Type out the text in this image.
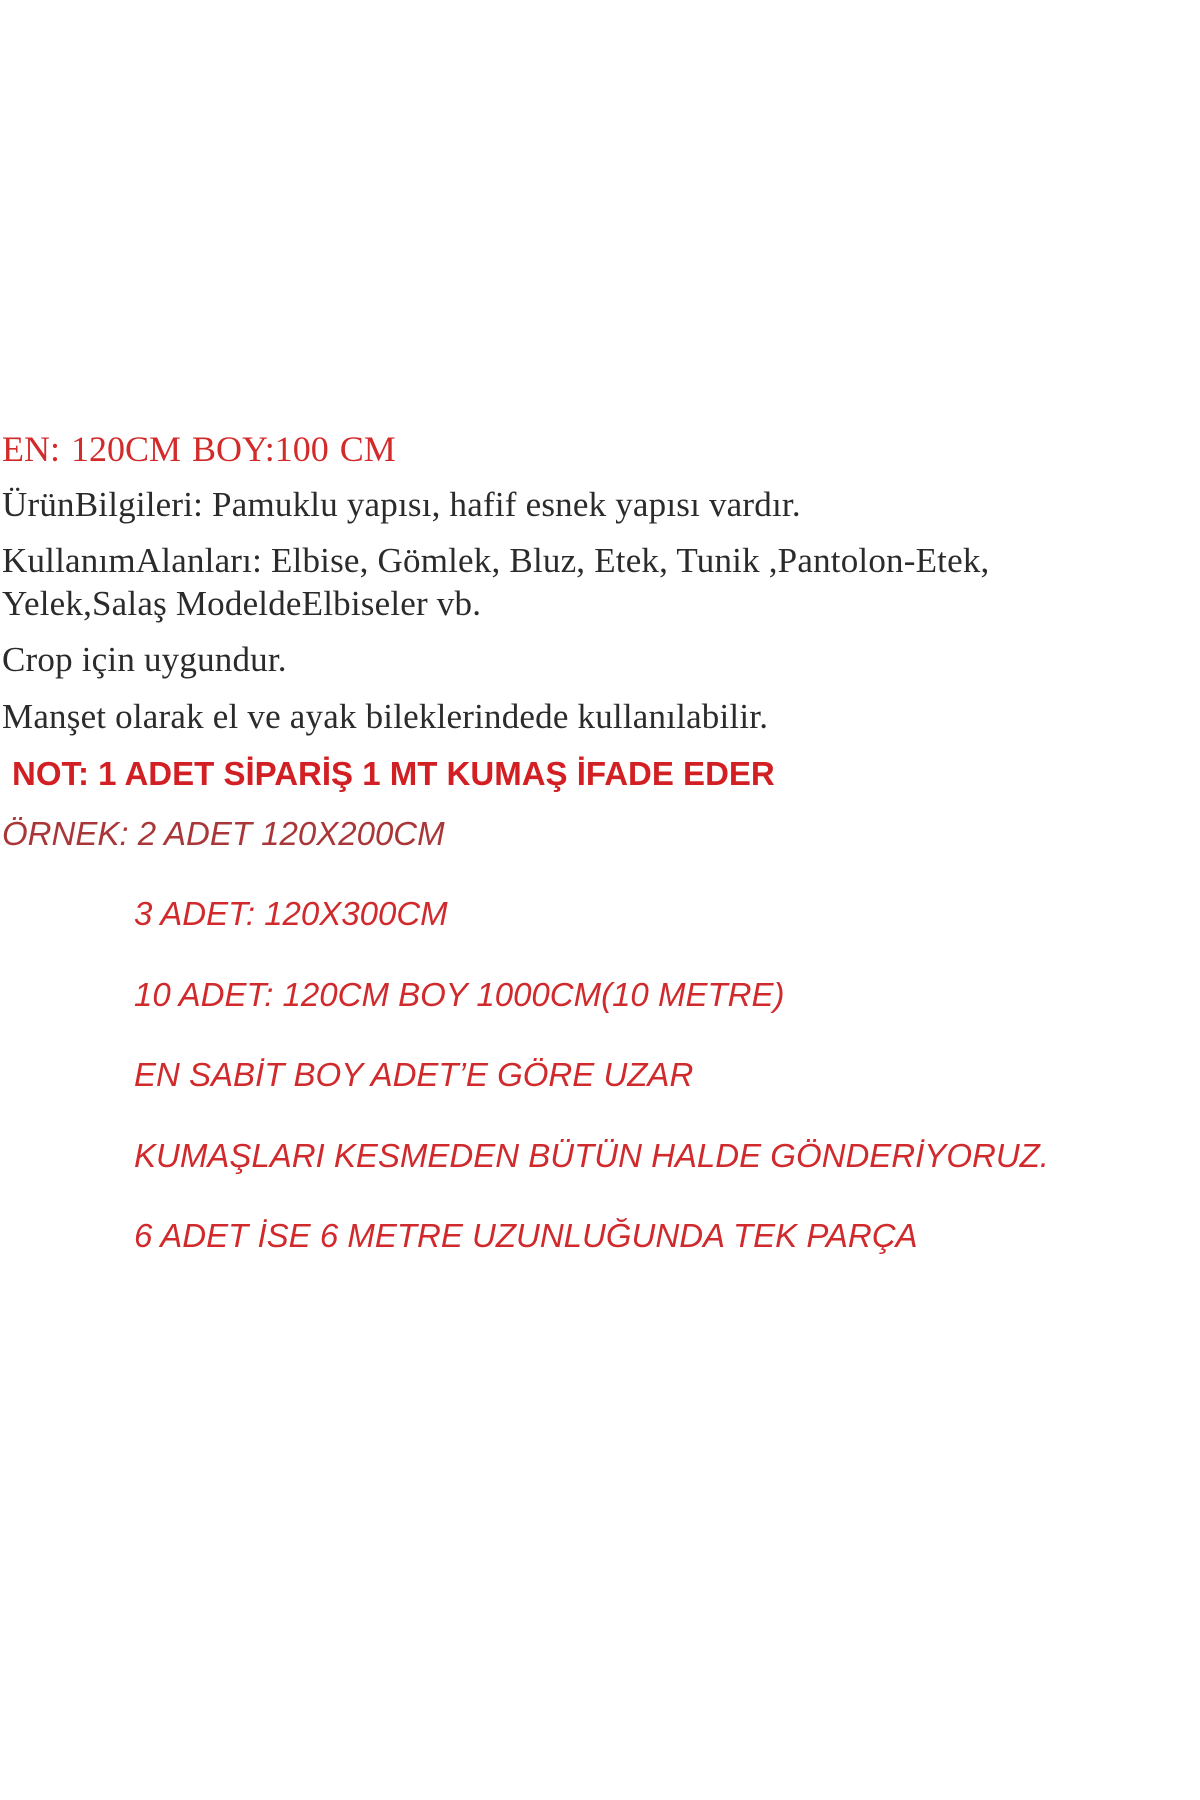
EN: 120CM BOY:100 CM
ÜrünBilgileri: Pamuklu yapısı, hafif esnek yapısı vardır.
KullanımAlanları: Elbise, Gömlek, Bluz, Etek, Tunik ,Pantolon-Etek,
Yelek,Salaş ModeldeElbiseler vb.
Crop için uygundur.
Manşet olarak el ve ayak bileklerindede kullanılabilir.
NOT: 1 ADET SİPARİŞ 1 MT KUMAŞ İFADE EDER
ÖRNEK: 2 ADET 120X200CM
3 ADET: 120X300CM
10 ADET: 120CM BOY 1000CM(10 METRE)
EN SABİT BOY ADET’E GÖRE UZAR
KUMAŞLARI KESMEDEN BÜTÜN HALDE GÖNDERİYORUZ.
6 ADET İSE 6 METRE UZUNLUĞUNDA TEK PARÇA
